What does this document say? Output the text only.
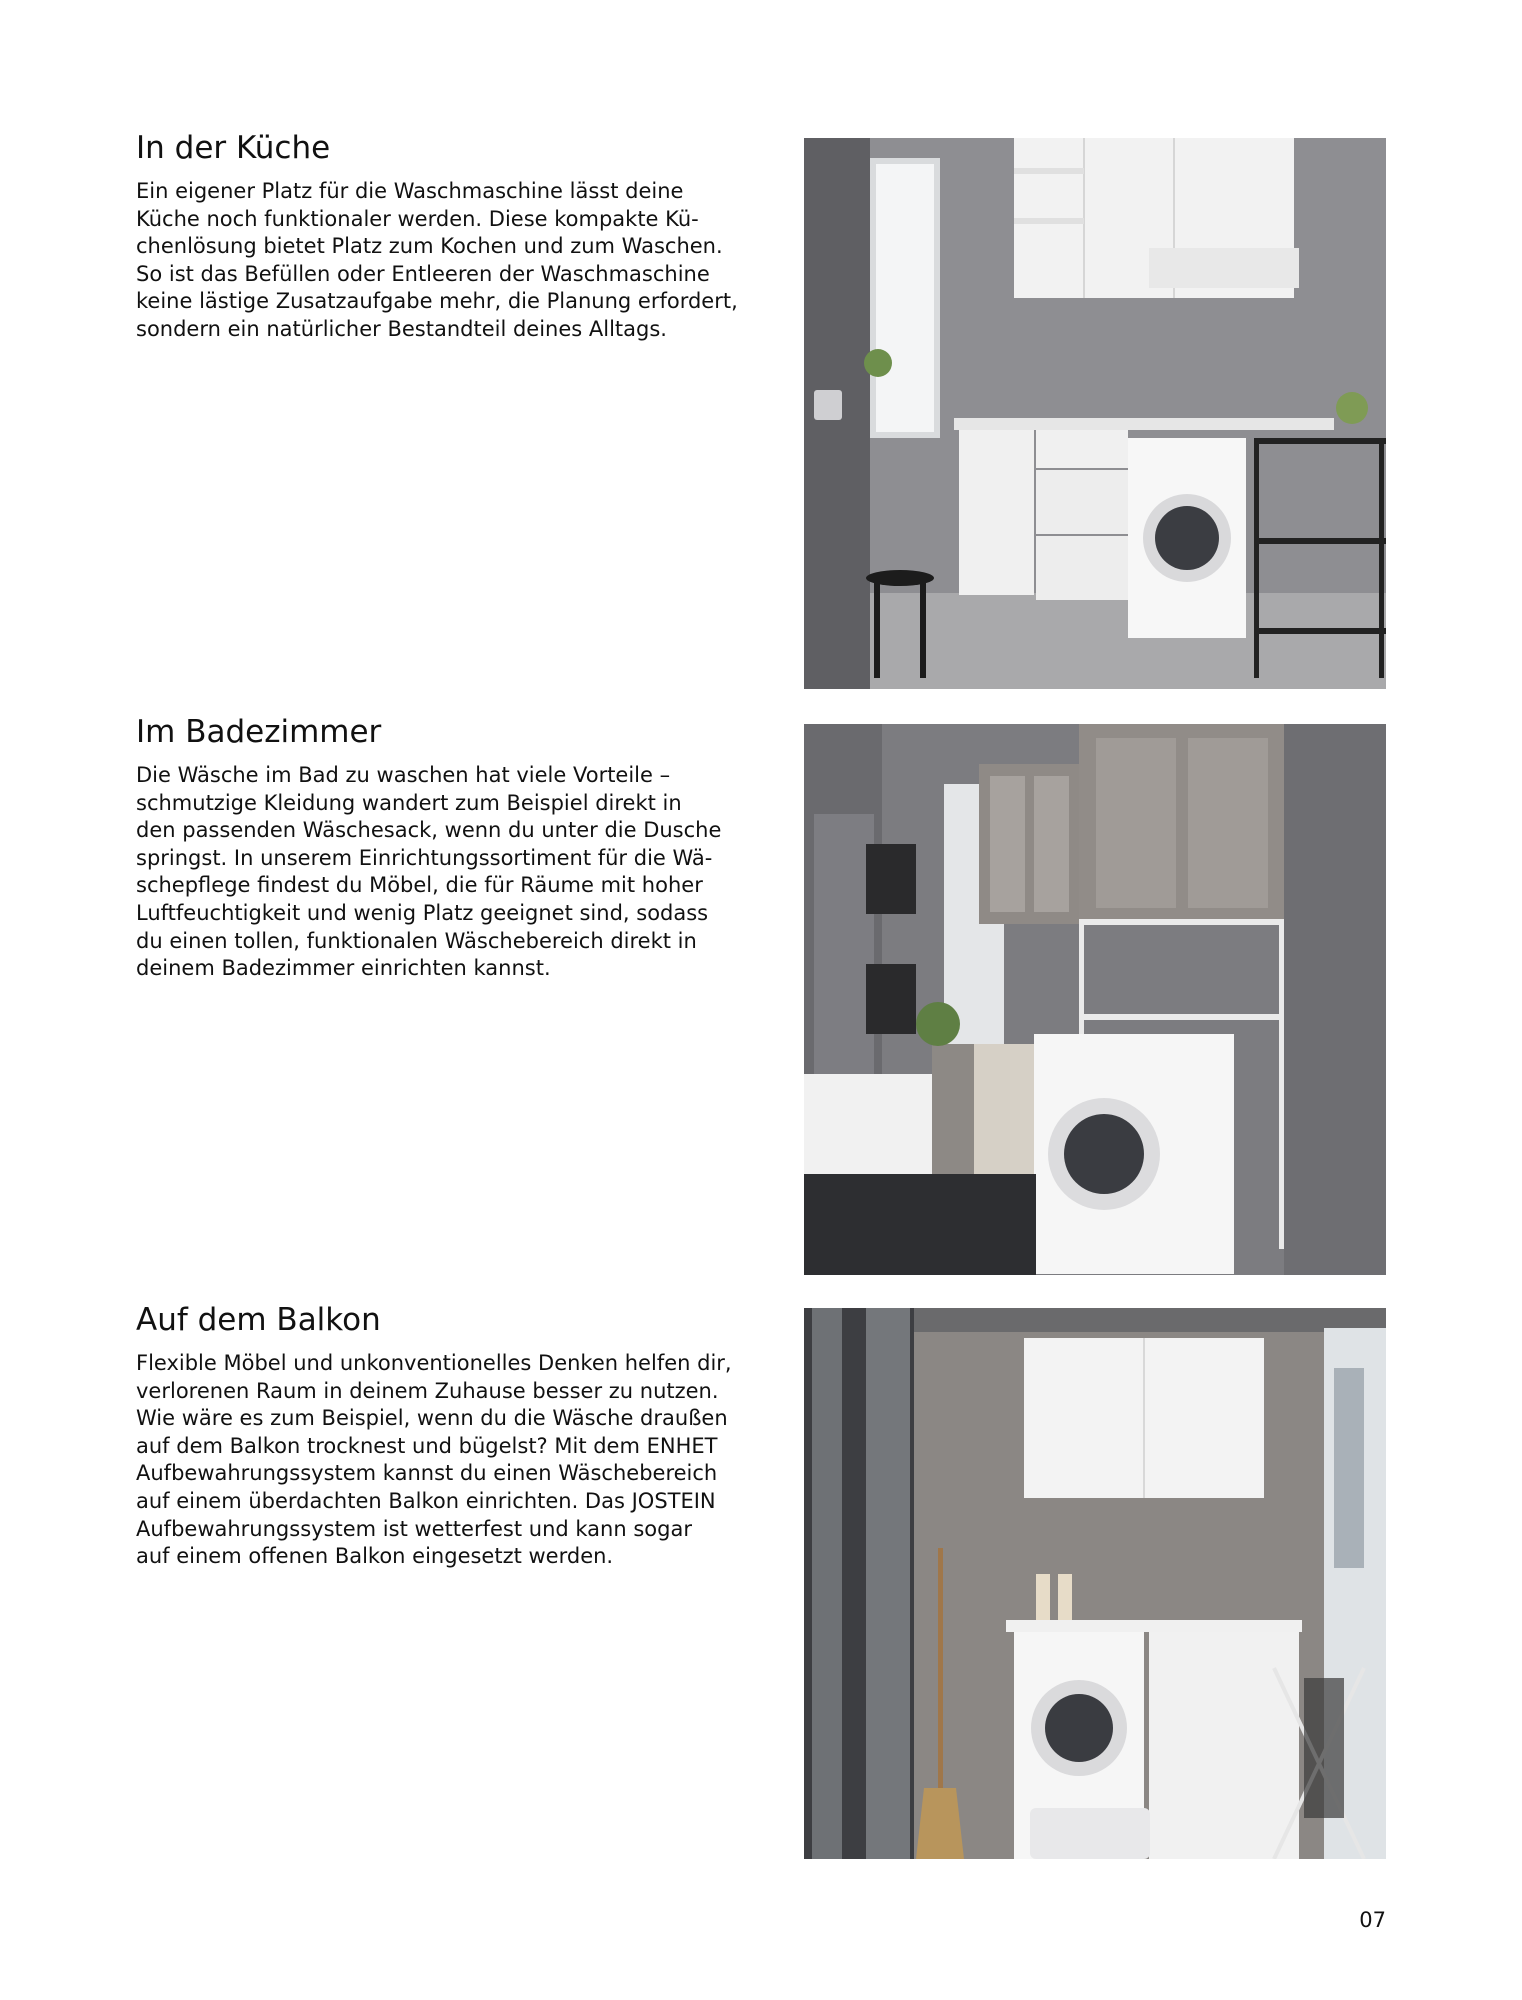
In der Küche

Ein eigener Platz für die Waschmaschine lässt deine
Küche noch funktionaler werden. Diese kompakte Kü-
chenlösung bietet Platz zum Kochen und zum Waschen.
So ist das Befüllen oder Entleeren der Waschmaschine
keine lästige Zusatzaufgabe mehr, die Planung erfordert,
sondern ein natürlicher Bestandteil deines Alltags.

Im Badezimmer

Die Wäsche im Bad zu waschen hat viele Vorteile –
schmutzige Kleidung wandert zum Beispiel direkt in
den passenden Wäschesack, wenn du unter die Dusche
springst. In unserem Einrichtungssortiment für die Wä-
schepflege findest du Möbel, die für Räume mit hoher
Luftfeuchtigkeit und wenig Platz geeignet sind, sodass
du einen tollen, funktionalen Wäschebereich direkt in
deinem Badezimmer einrichten kannst.

Auf dem Balkon

Flexible Möbel und unkonventionelles Denken helfen dir,
verlorenen Raum in deinem Zuhause besser zu nutzen.
Wie wäre es zum Beispiel, wenn du die Wäsche draußen
auf dem Balkon trocknest und bügelst? Mit dem ENHET
Aufbewahrungssystem kannst du einen Wäschebereich
auf einem überdachten Balkon einrichten. Das JOSTEIN
Aufbewahrungssystem ist wetterfest und kann sogar
auf einem offenen Balkon eingesetzt werden.

07
